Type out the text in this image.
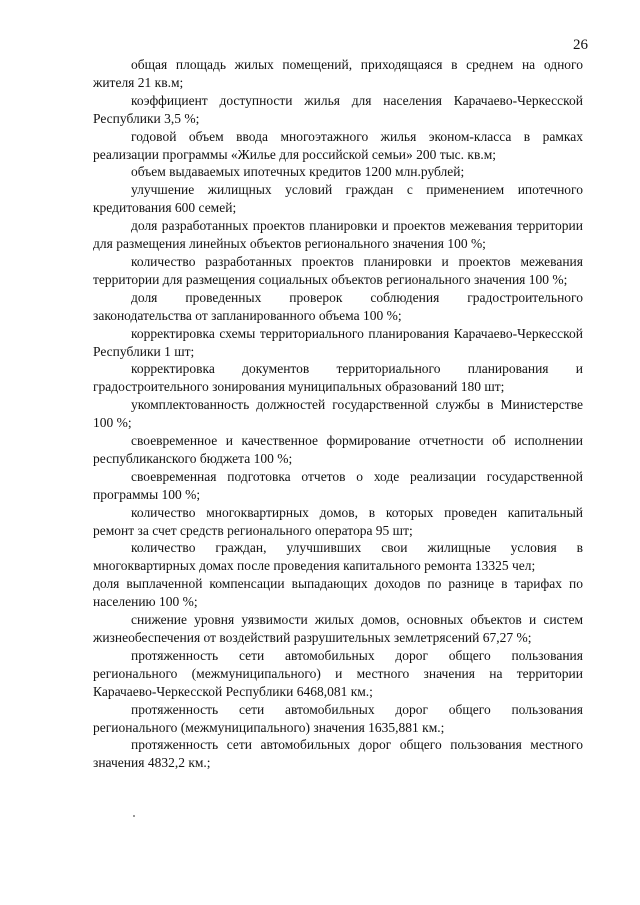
26

общая площадь жилых помещений, приходящаяся в среднем на одного жителя 21 кв.м;

коэффициент доступности жилья для населения Карачаево-Черкесской Республики 3,5 %;

годовой объем ввода многоэтажного жилья эконом-класса в рамках реализации программы «Жилье для российской семьи» 200 тыс. кв.м;

объем выдаваемых ипотечных кредитов 1200 млн.рублей;

улучшение жилищных условий граждан с применением ипотечного кредитования 600 семей;

доля разработанных проектов планировки и проектов межевания территории для размещения линейных объектов регионального значения 100 %;

количество разработанных проектов планировки и проектов межевания территории для размещения социальных объектов регионального значения 100 %;

доля проведенных проверок соблюдения градостроительного законодательства от запланированного объема 100 %;

корректировка схемы территориального планирования Карачаево-Черкесской Республики 1 шт;

корректировка документов территориального планирования и градостроительного зонирования муниципальных образований 180 шт;

укомплектованность должностей государственной службы в Министерстве 100 %;

своевременное и качественное формирование отчетности об исполнении республиканского бюджета 100 %;

своевременная подготовка отчетов о ходе реализации государственной программы 100 %;

количество многоквартирных домов, в которых проведен капитальный ремонт за счет средств регионального оператора 95 шт;

количество граждан, улучшивших свои жилищные условия в многоквартирных домах после проведения капитального ремонта 13325 чел;

доля выплаченной компенсации выпадающих доходов по разнице в тарифах по населению 100 %;

снижение уровня уязвимости жилых домов, основных объектов и систем жизнеобеспечения от воздействий разрушительных землетрясений 67,27 %;

протяженность сети автомобильных дорог общего пользования регионального (межмуниципального) и местного значения на территории Карачаево-Черкесской Республики 6468,081 км.;

протяженность сети автомобильных дорог общего пользования регионального (межмуниципального) значения 1635,881 км.;

протяженность сети автомобильных дорог общего пользования местного значения 4832,2 км.;
